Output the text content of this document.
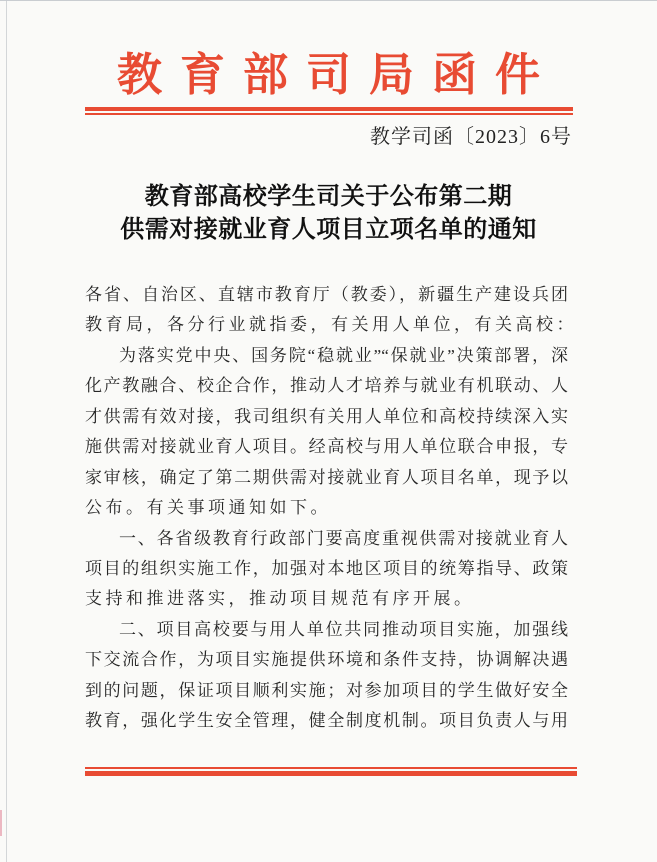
教育部司局函件
教学司函〔2023〕6号
教育部高校学生司关于公布第二期
供需对接就业育人项目立项名单的通知
各省、自治区、直辖市教育厅（教委），新疆生产建设兵团
教育局，各分行业就指委，有关用人单位，有关高校：
为落实党中央、国务院“稳就业”“保就业”决策部署，深
化产教融合、校企合作，推动人才培养与就业有机联动、人
才供需有效对接，我司组织有关用人单位和高校持续深入实
施供需对接就业育人项目。经高校与用人单位联合申报，专
家审核，确定了第二期供需对接就业育人项目名单，现予以
公布。有关事项通知如下。
一、各省级教育行政部门要高度重视供需对接就业育人
项目的组织实施工作，加强对本地区项目的统筹指导、政策
支持和推进落实，推动项目规范有序开展。
二、项目高校要与用人单位共同推动项目实施，加强线
下交流合作，为项目实施提供环境和条件支持，协调解决遇
到的问题，保证项目顺利实施；对参加项目的学生做好安全
教育，强化学生安全管理，健全制度机制。项目负责人与用
